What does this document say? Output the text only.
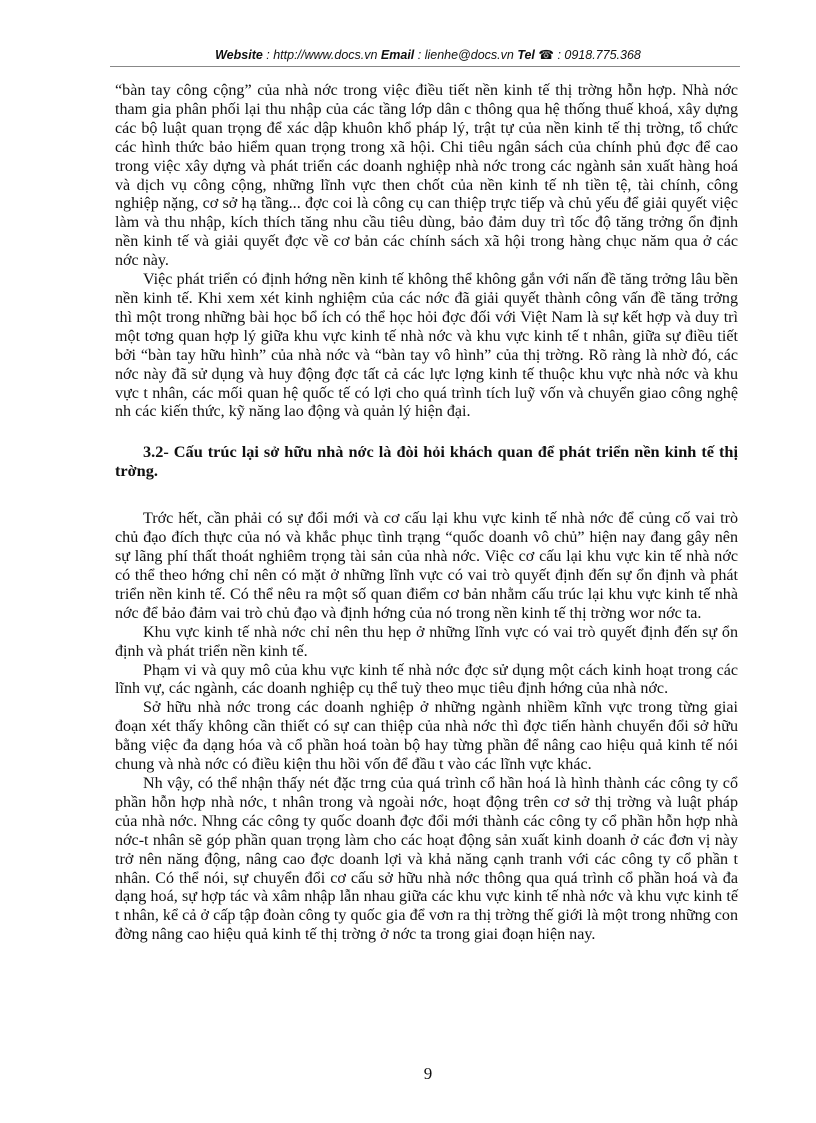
Website : http://www.docs.vn Email : lienhe@docs.vn Tel ☎ : 0918.775.368

“bàn tay công cộng” của nhà nớc trong việc điều tiết nền kinh tế thị trờng hỗn hợp. Nhà nớc tham gia phân phối lại thu nhập của các tầng lớp dân c thông qua hệ thống thuế khoá, xây dựng các bộ luật quan trọng để xác dập khuôn khổ pháp lý, trật tự của nền kinh tế thị trờng, tổ chức các hình thức bảo hiểm quan trọng trong xã hội. Chi tiêu ngân sách của chính phủ đợc để cao trong việc xây dựng và phát triển các doanh nghiệp nhà nớc trong các ngành sản xuất hàng hoá và dịch vụ công cộng, những lĩnh vực then chốt của nền kinh tế nh tiền tệ, tài chính, công nghiệp nặng, cơ sở hạ tầng... đợc coi là công cụ can thiệp trực tiếp và chủ yếu để giải quyết việc làm và thu nhập, kích thích tăng nhu cầu tiêu dùng, bảo đảm duy trì tốc độ tăng trởng ổn định nền kinh tế và giải quyết đợc về cơ bản các chính sách xã hội trong hàng chục năm qua ở các nớc này.

Việc phát triển có định hớng nền kinh tế không thể không gắn với nấn đề tăng trởng lâu bền nền kinh tế. Khi xem xét kinh nghiệm của các nớc đã giải quyết thành công vấn đề tăng trởng thì một trong những bài học bổ ích có thể học hỏi đợc đối với Việt Nam là sự kết hợp và duy trì một tơng quan hợp lý giữa khu vực kinh tế nhà nớc và khu vực kinh tế t nhân, giữa sự điều tiết bởi “bàn tay hữu hình” của nhà nớc và “bàn tay vô hình” của thị trờng. Rõ ràng là nhờ đó, các nớc này đã sử dụng và huy động đợc tất cả các lực lợng kinh tế thuộc khu vực nhà nớc và khu vực t nhân, các mối quan hệ quốc tế có lợi cho quá trình tích luỹ vốn và chuyển giao công nghệ nh các kiến thức, kỹ năng lao động và quản lý hiện đại.

3.2- Cấu trúc lại sở hữu nhà nớc là đòi hỏi khách quan để phát triển nền kinh tế thị trờng.

Trớc hết, cần phải có sự đổi mới và cơ cấu lại khu vực kinh tế nhà nớc để củng cố vai trò chủ đạo đích thực của nó và khắc phục tình trạng “quốc doanh vô chủ” hiện nay đang gây nên sự lãng phí thất thoát nghiêm trọng tài sản của nhà nớc. Việc cơ cấu lại khu vực kin tế nhà nớc có thể theo hớng chỉ nên có mặt ở những lĩnh vực có vai trò quyết định đến sự ổn định và phát triển nền kinh tế. Có thể nêu ra một số quan điểm cơ bản nhằm cấu trúc lại khu vực kinh tế nhà nớc để bảo đảm vai trò chủ đạo và định hớng của nó trong nền kinh tế thị trờng wor nớc ta.

Khu vực kinh tế nhà nớc chỉ nên thu hẹp ở những lĩnh vực có vai trò quyết định đến sự ổn định và phát triển nền kinh tế.

Phạm vi và quy mô của khu vực kinh tế nhà nớc đợc sử dụng một cách kinh hoạt trong các lĩnh vự, các ngành, các doanh nghiệp cụ thể tuỳ theo mục tiêu định hớng của nhà nớc.

Sở hữu nhà nớc trong các doanh nghiệp ở những ngành nhiềm kĩnh vực trong từng giai đoạn xét thấy không cần thiết có sự can thiệp của nhà nớc thì đợc tiến hành chuyển đổi sở hữu bằng việc đa dạng hóa và cổ phần hoá toàn bộ hay từng phần để nâng cao hiệu quả kinh tế nói chung và nhà nớc có điều kiện thu hồi vốn để đầu t vào các lĩnh vực khác.

Nh vậy, có thể nhận thấy nét đặc trng của quá trình cổ hần hoá là hình thành các công ty cổ phần hỗn hợp nhà nớc, t nhân trong và ngoài nớc, hoạt động trên cơ sở thị trờng và luật pháp của nhà nớc. Nhng các công ty quốc doanh đợc đổi mới thành các công ty cổ phần hỗn hợp nhà nớc-t nhân sẽ góp phần quan trọng làm cho các hoạt động sản xuất kinh doanh ở các đơn vị này trở nên năng động, nâng cao đợc doanh lợi và khả năng cạnh tranh với các công ty cổ phần t nhân. Có thể nói, sự chuyển đổi cơ cấu sở hữu nhà nớc thông qua quá trình cổ phần hoá và đa dạng hoá, sự hợp tác và xâm nhập lẫn nhau giữa các khu vực kinh tế nhà nớc và khu vực kinh tế t nhân, kể cả ở cấp tập đoàn công ty quốc gia để vơn ra thị trờng thế giới là một trong những con đờng nâng cao hiệu quả kinh tế thị trờng ở nớc ta trong giai đoạn hiện nay.

9
